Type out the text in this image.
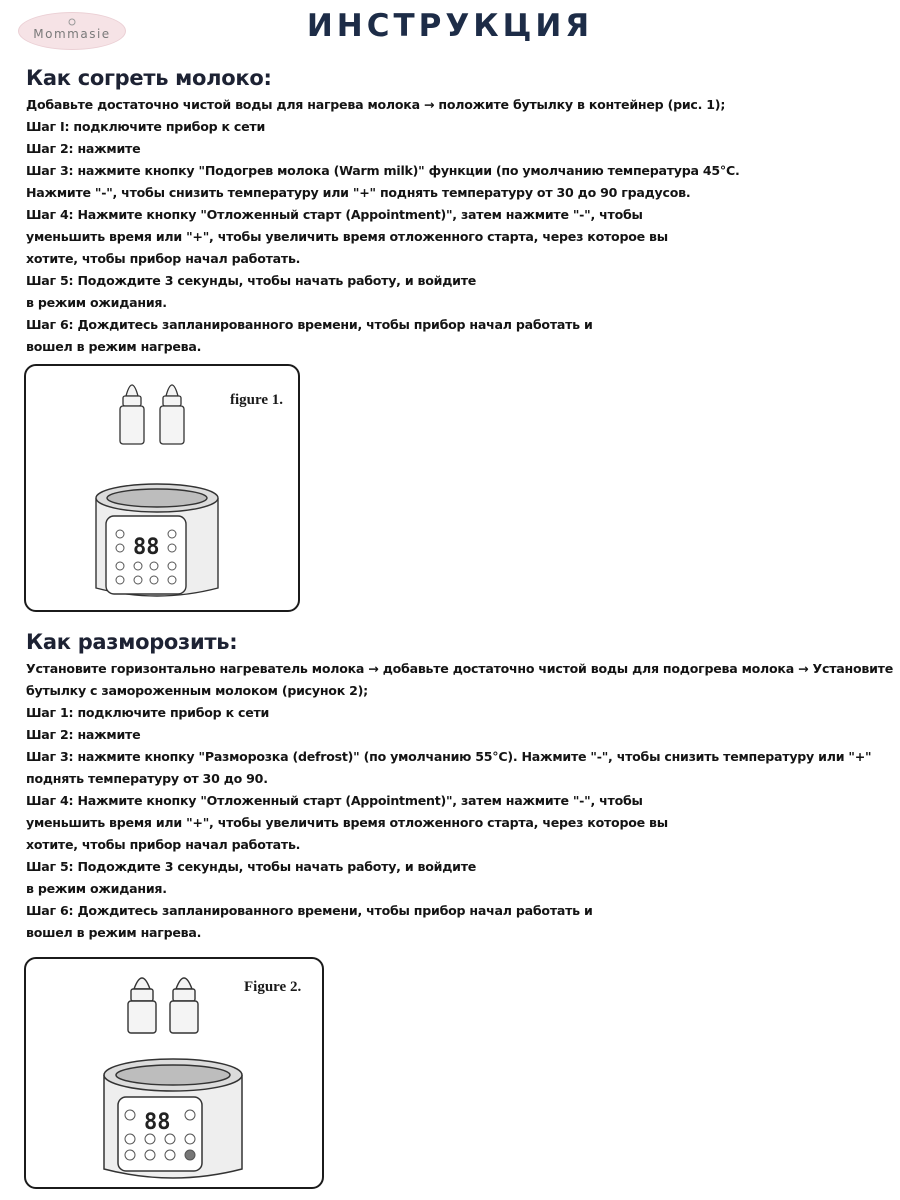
Mommasie	ИНСТРУКЦИЯ
Как согреть молоко:
Добавьте достаточно чистой воды для нагрева молока → положите бутылку в контейнер (рис. 1);
Шаг I: подключите прибор к сети
Шаг 2: нажмите
Шаг 3: нажмите кнопку "Подогрев молока (Warm milk)" функции (по умолчанию температура 45°C.
Нажмите "-", чтобы снизить температуру или "+" поднять температуру от 30 до 90 градусов.
Шаг 4: Нажмите кнопку "Отложенный старт (Appointment)", затем нажмите "-", чтобы
уменьшить время или "+", чтобы увеличить время отложенного старта, через которое вы
хотите, чтобы прибор начал работать.
Шаг 5: Подождите 3 секунды, чтобы начать работу, и войдите
в режим ожидания.
Шаг 6: Дождитесь запланированного времени, чтобы прибор начал работать и
вошел в режим нагрева.
figure 1.
88
Как разморозить:
Установите горизонтально нагреватель молока → добавьте достаточно чистой воды для подогрева молока → Установите
бутылку с замороженным молоком (рисунок 2);
Шаг 1: подключите прибор к сети
Шаг 2: нажмите
Шаг 3: нажмите кнопку "Разморозка (defrost)" (по умолчанию 55°C). Нажмите "-", чтобы снизить температуру или "+"
поднять температуру от 30 до 90.
Шаг 4: Нажмите кнопку "Отложенный старт (Appointment)", затем нажмите "-", чтобы
уменьшить время или "+", чтобы увеличить время отложенного старта, через которое вы
хотите, чтобы прибор начал работать.
Шаг 5: Подождите 3 секунды, чтобы начать работу, и войдите
в режим ожидания.
Шаг 6: Дождитесь запланированного времени, чтобы прибор начал работать и
вошел в режим нагрева.
Figure 2.
88
